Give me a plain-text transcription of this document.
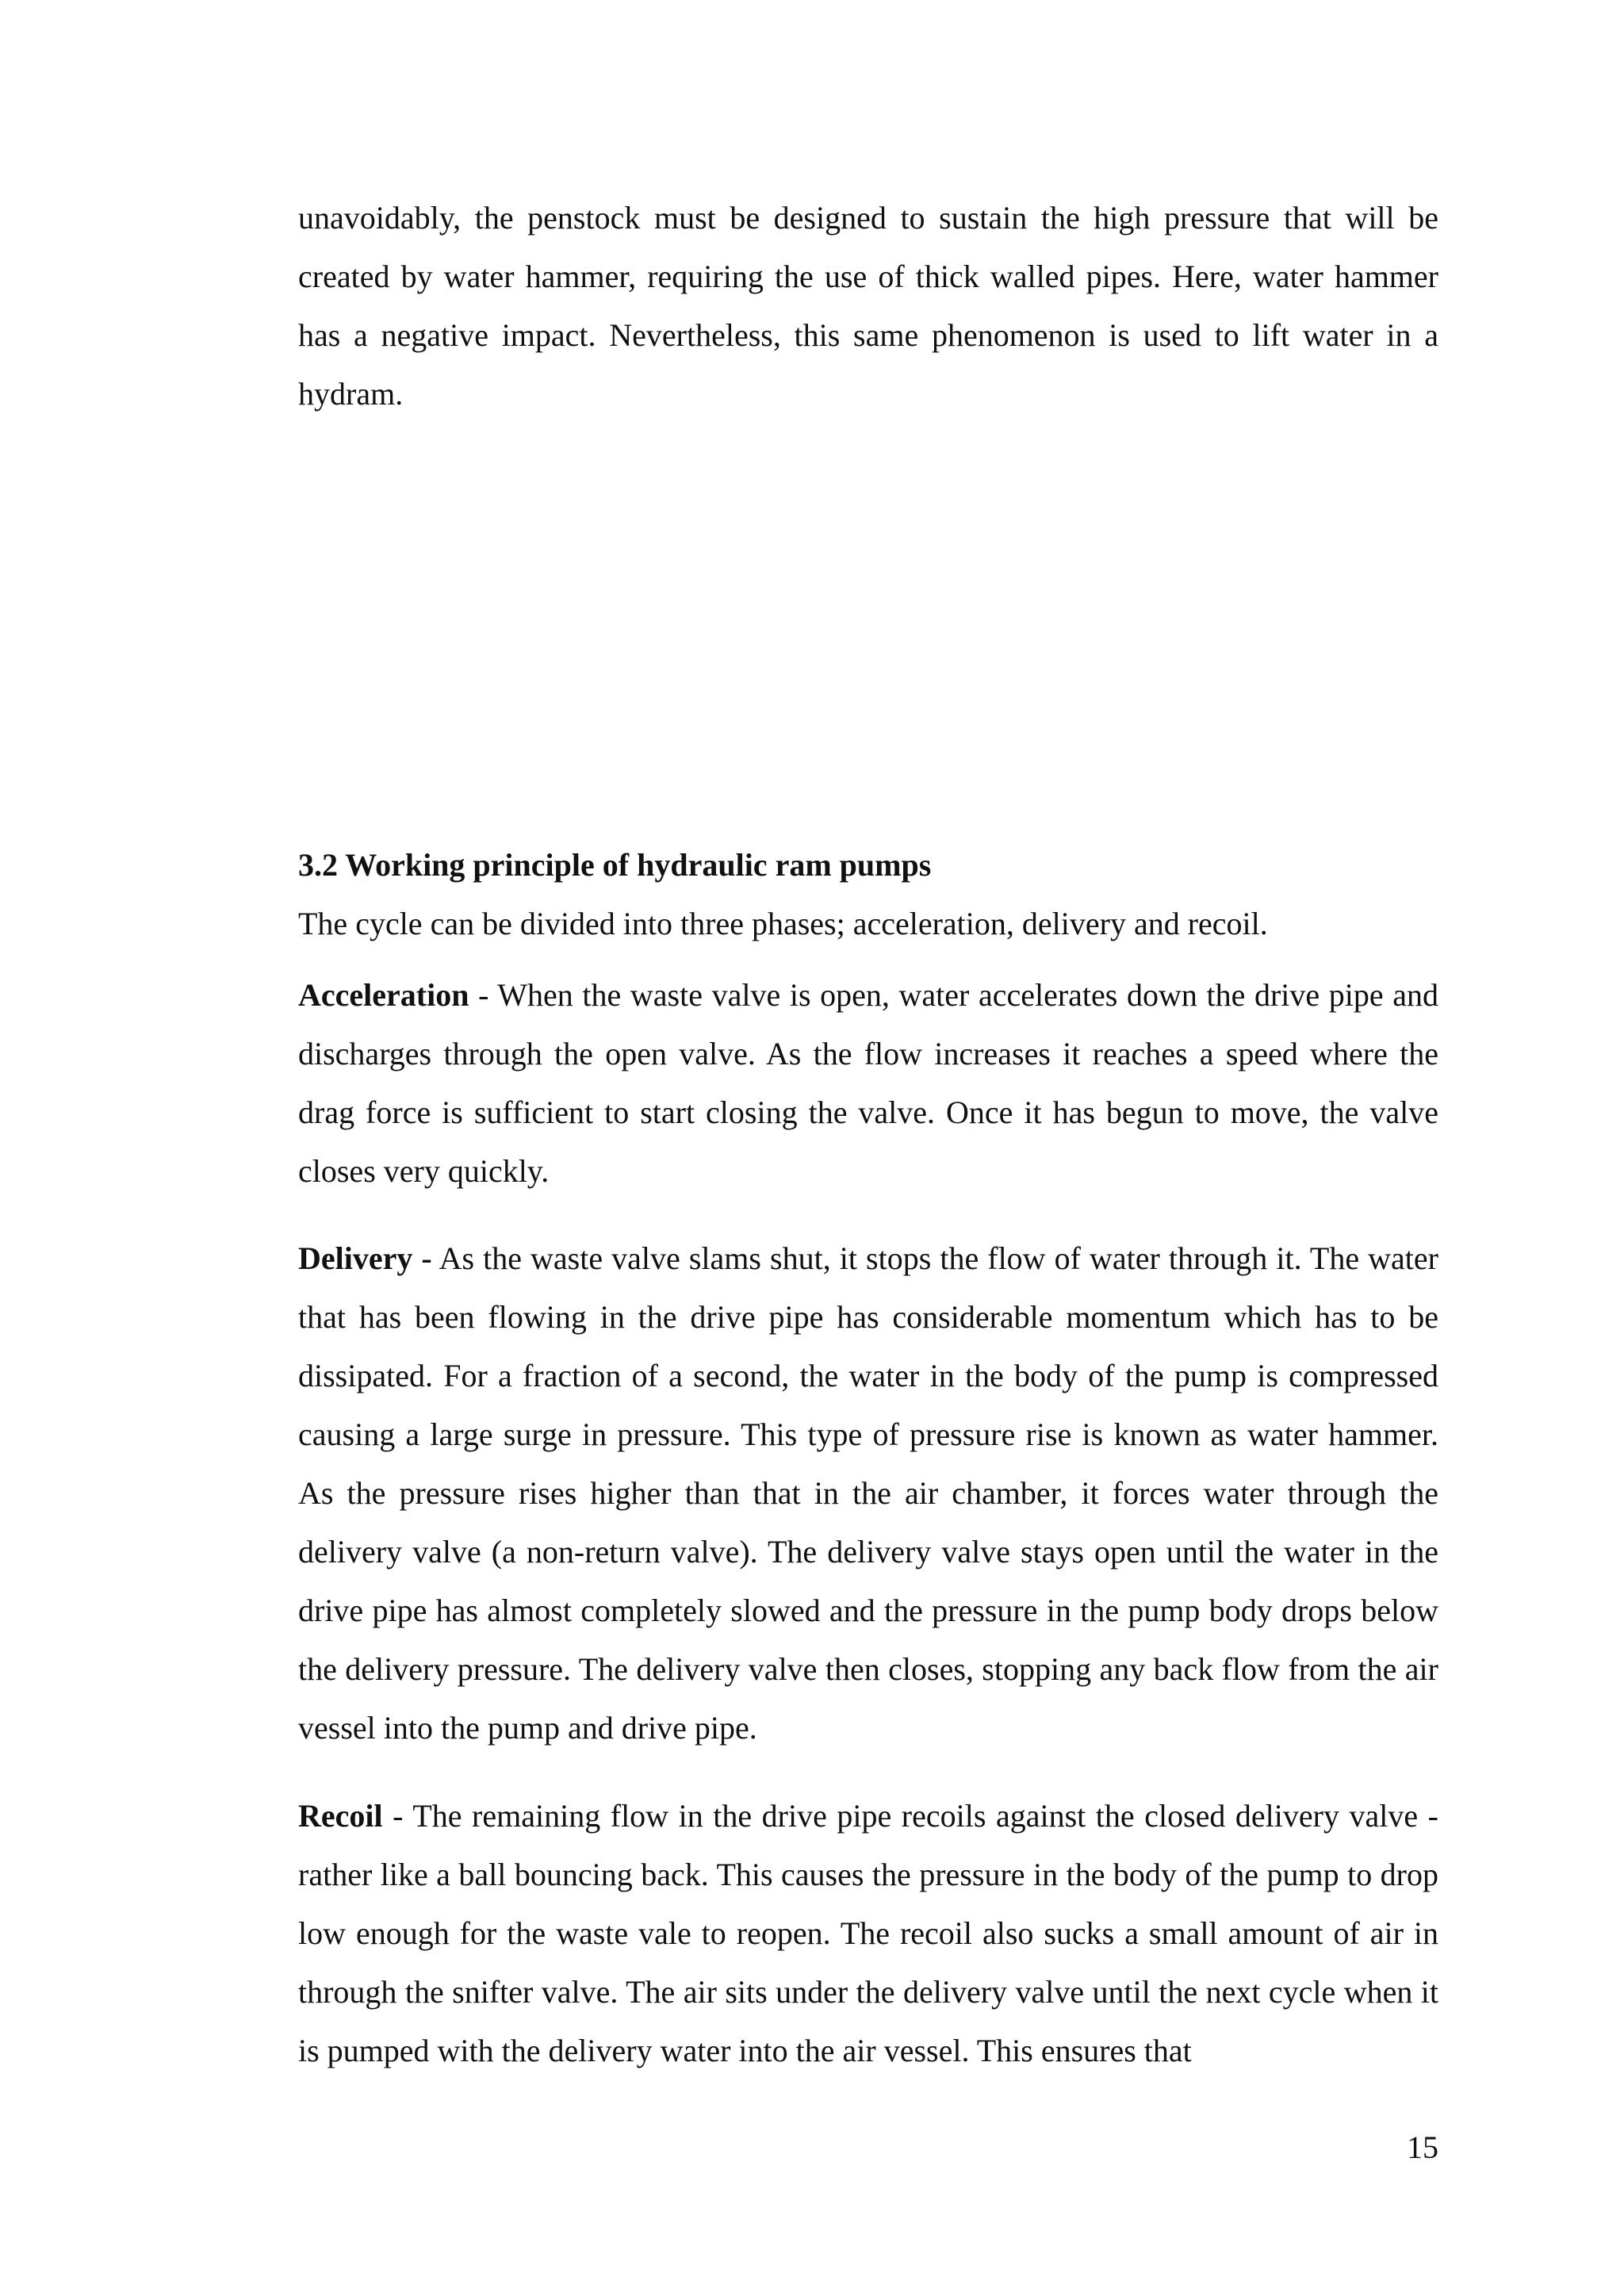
unavoidably, the penstock must be designed to sustain the high pressure that will be created by water hammer, requiring the use of thick walled pipes. Here, water hammer has a negative impact. Nevertheless, this same phenomenon is used to lift water in a hydram.

3.2 Working principle of hydraulic ram pumps

The cycle can be divided into three phases; acceleration, delivery and recoil.

Acceleration - When the waste valve is open, water accelerates down the drive pipe and discharges through the open valve. As the flow increases it reaches a speed where the drag force is sufficient to start closing the valve. Once it has begun to move, the valve closes very quickly.

Delivery - As the waste valve slams shut, it stops the flow of water through it. The water that has been flowing in the drive pipe has considerable momentum which has to be dissipated. For a fraction of a second, the water in the body of the pump is compressed causing a large surge in pressure. This type of pressure rise is known as water hammer. As the pressure rises higher than that in the air chamber, it forces water through the delivery valve (a non-return valve). The delivery valve stays open until the water in the drive pipe has almost completely slowed and the pressure in the pump body drops below the delivery pressure. The delivery valve then closes, stopping any back flow from the air vessel into the pump and drive pipe.

Recoil - The remaining flow in the drive pipe recoils against the closed delivery valve - rather like a ball bouncing back. This causes the pressure in the body of the pump to drop low enough for the waste vale to reopen. The recoil also sucks a small amount of air in through the snifter valve. The air sits under the delivery valve until the next cycle when it is pumped with the delivery water into the air vessel. This ensures that

15
